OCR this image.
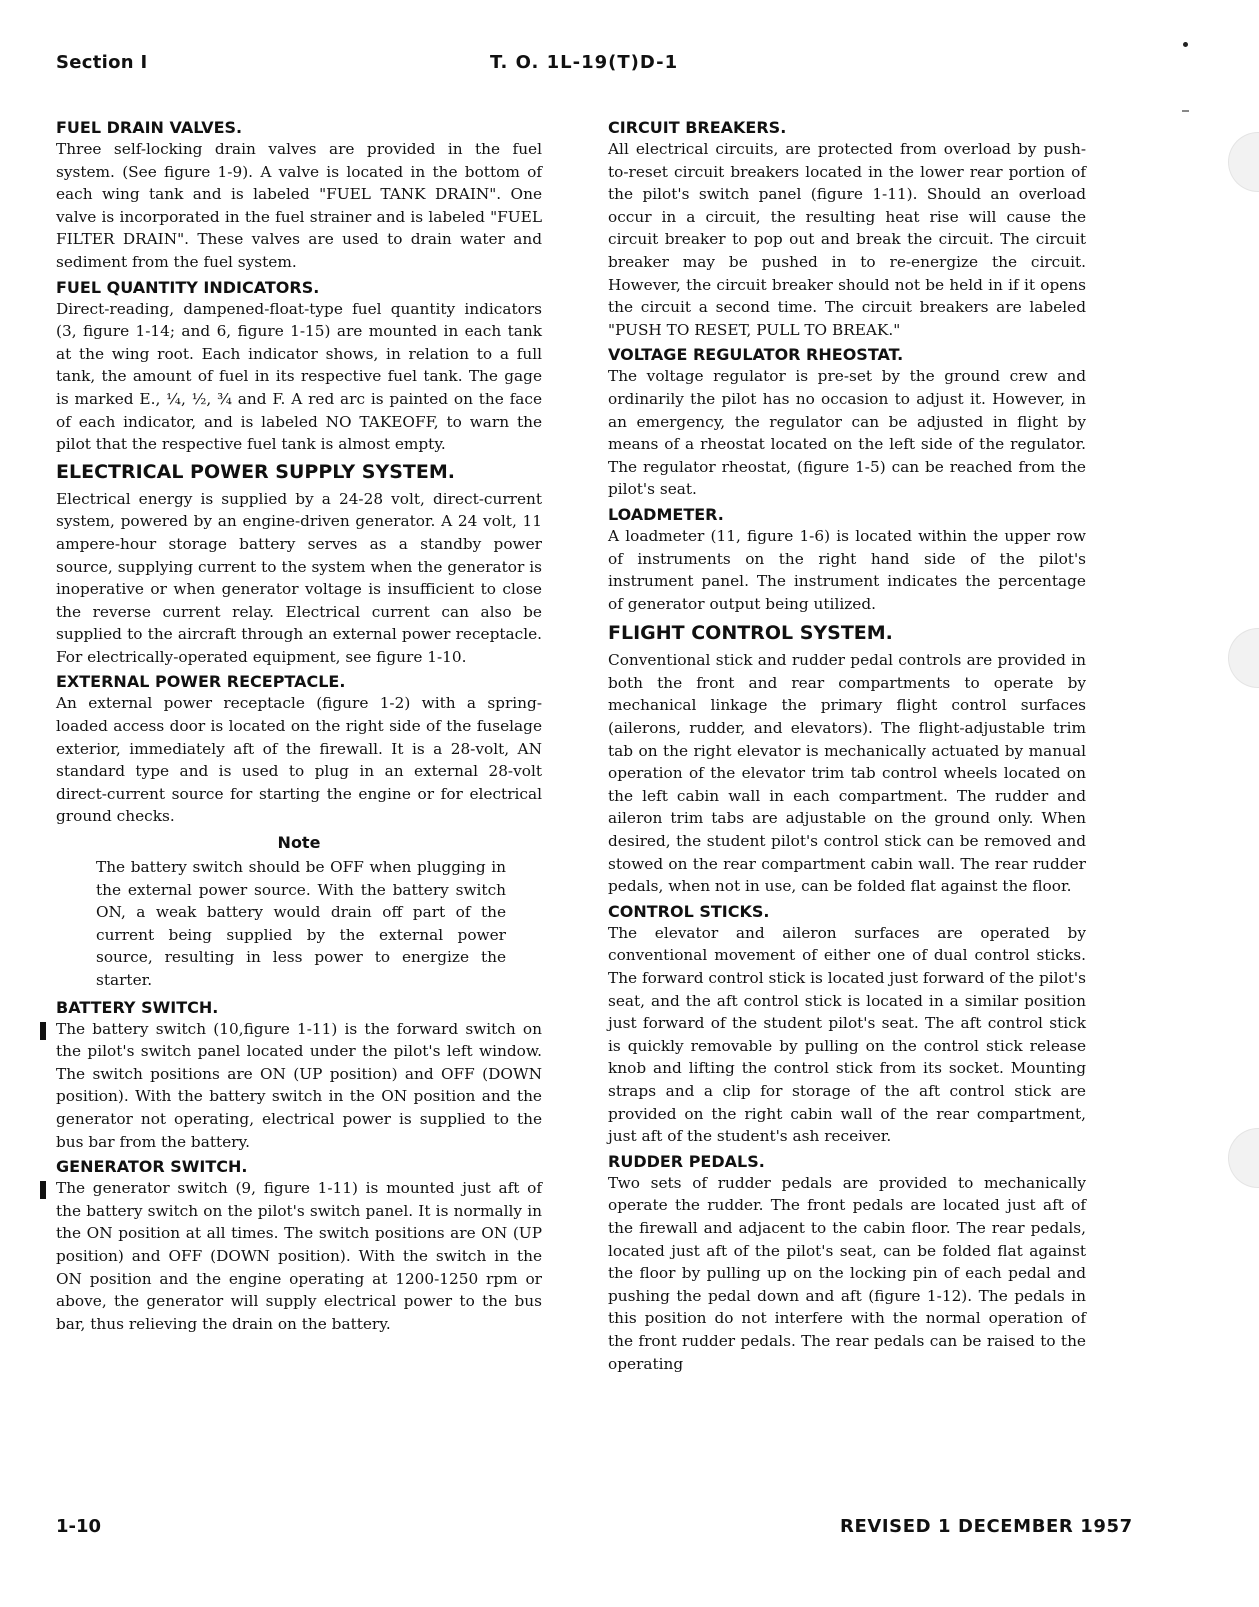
Section I	T. O. 1L-19(T)D-1
FUEL DRAIN VALVES.

Three self-locking drain valves are provided in the fuel system. (See figure 1-9). A valve is located in the bottom of each wing tank and is labeled "FUEL TANK DRAIN". One valve is incorporated in the fuel strainer and is labeled "FUEL FILTER DRAIN". These valves are used to drain water and sediment from the fuel system.

FUEL QUANTITY INDICATORS.

Direct-reading, dampened-float-type fuel quantity indicators (3, figure 1-14; and 6, figure 1-15) are mounted in each tank at the wing root. Each indicator shows, in relation to a full tank, the amount of fuel in its respective fuel tank. The gage is marked E., ¼, ½, ¾ and F. A red arc is painted on the face of each indicator, and is labeled NO TAKEOFF, to warn the pilot that the respective fuel tank is almost empty.

ELECTRICAL POWER SUPPLY SYSTEM.

Electrical energy is supplied by a 24-28 volt, direct-current system, powered by an engine-driven generator. A 24 volt, 11 ampere-hour storage battery serves as a standby power source, supplying current to the system when the generator is inoperative or when generator voltage is insufficient to close the reverse current relay. Electrical current can also be supplied to the aircraft through an external power receptacle. For electrically-operated equipment, see figure 1-10.

EXTERNAL POWER RECEPTACLE.

An external power receptacle (figure 1-2) with a spring-loaded access door is located on the right side of the fuselage exterior, immediately aft of the firewall. It is a 28-volt, AN standard type and is used to plug in an external 28-volt direct-current source for starting the engine or for electrical ground checks.

Note

The battery switch should be OFF when plugging in the external power source. With the battery switch ON, a weak battery would drain off part of the current being supplied by the external power source, resulting in less power to energize the starter.

BATTERY SWITCH.

The battery switch (10,figure 1-11) is the forward switch on the pilot's switch panel located under the pilot's left window. The switch positions are ON (UP position) and OFF (DOWN position). With the battery switch in the ON position and the generator not operating, electrical power is supplied to the bus bar from the battery.

GENERATOR SWITCH.

The generator switch (9, figure 1-11) is mounted just aft of the battery switch on the pilot's switch panel. It is normally in the ON position at all times. The switch positions are ON (UP position) and OFF (DOWN position). With the switch in the ON position and the engine operating at 1200-1250 rpm or above, the generator will supply electrical power to the bus bar, thus relieving the drain on the battery.

CIRCUIT BREAKERS.

All electrical circuits, are protected from overload by push-to-reset circuit breakers located in the lower rear portion of the pilot's switch panel (figure 1-11). Should an overload occur in a circuit, the resulting heat rise will cause the circuit breaker to pop out and break the circuit. The circuit breaker may be pushed in to re-energize the circuit. However, the circuit breaker should not be held in if it opens the circuit a second time. The circuit breakers are labeled "PUSH TO RESET, PULL TO BREAK."

VOLTAGE REGULATOR RHEOSTAT.

The voltage regulator is pre-set by the ground crew and ordinarily the pilot has no occasion to adjust it. However, in an emergency, the regulator can be adjusted in flight by means of a rheostat located on the left side of the regulator. The regulator rheostat, (figure 1-5) can be reached from the pilot's seat.

LOADMETER.

A loadmeter (11, figure 1-6) is located within the upper row of instruments on the right hand side of the pilot's instrument panel. The instrument indicates the percentage of generator output being utilized.

FLIGHT CONTROL SYSTEM.

Conventional stick and rudder pedal controls are provided in both the front and rear compartments to operate by mechanical linkage the primary flight control surfaces (ailerons, rudder, and elevators). The flight-adjustable trim tab on the right elevator is mechanically actuated by manual operation of the elevator trim tab control wheels located on the left cabin wall in each compartment. The rudder and aileron trim tabs are adjustable on the ground only. When desired, the student pilot's control stick can be removed and stowed on the rear compartment cabin wall. The rear rudder pedals, when not in use, can be folded flat against the floor.

CONTROL STICKS.

The elevator and aileron surfaces are operated by conventional movement of either one of dual control sticks. The forward control stick is located just forward of the pilot's seat, and the aft control stick is located in a similar position just forward of the student pilot's seat. The aft control stick is quickly removable by pulling on the control stick release knob and lifting the control stick from its socket. Mounting straps and a clip for storage of the aft control stick are provided on the right cabin wall of the rear compartment, just aft of the student's ash receiver.

RUDDER PEDALS.

Two sets of rudder pedals are provided to mechanically operate the rudder. The front pedals are located just aft of the firewall and adjacent to the cabin floor. The rear pedals, located just aft of the pilot's seat, can be folded flat against the floor by pulling up on the locking pin of each pedal and pushing the pedal down and aft (figure 1-12). The pedals in this position do not interfere with the normal operation of the front rudder pedals. The rear pedals can be raised to the operating

1-10	REVISED 1 DECEMBER 1957
